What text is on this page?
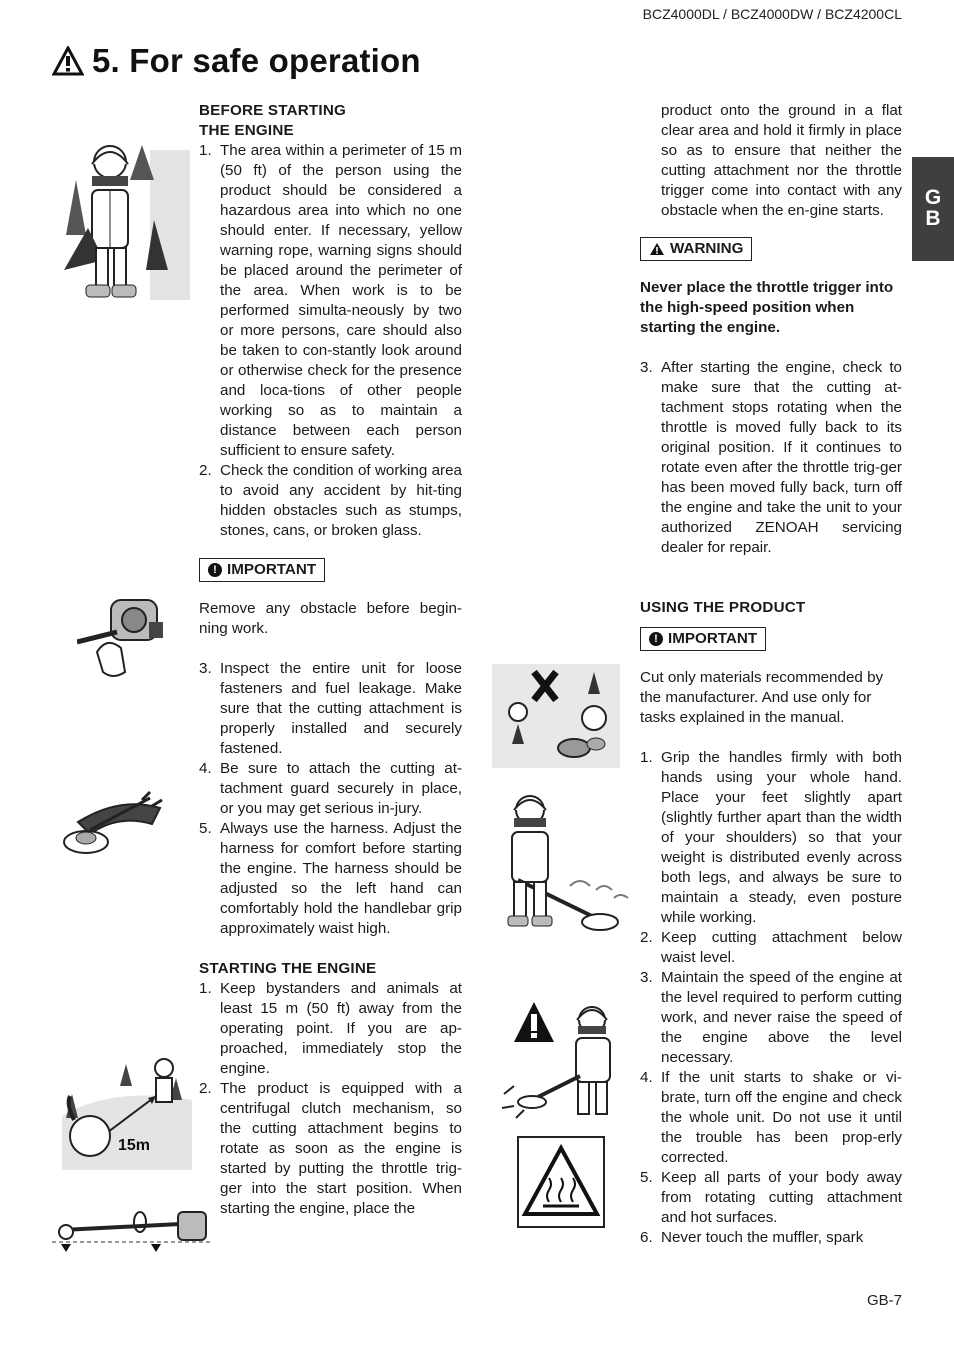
BCZ4000DL / BCZ4000DW / BCZ4200CL
5. For safe operation
G
B
BEFORE STARTING
THE ENGINE
1. The area within a perimeter of 15 m (50 ft) of the person using the product should be considered a hazardous area into which no one should enter. If necessary, yellow warning rope, warning signs should be placed around the perimeter of the area. When work is to be performed simulta-neously by two or more persons, care should also be taken to con-stantly look around or otherwise check for the presence and loca-tions of other people working so as to maintain a distance between each person sufficient to ensure safety.
2. Check the condition of working area to avoid any accident by hit-ting hidden obstacles such as stumps, stones, cans, or broken glass.
! IMPORTANT
Remove any obstacle before begin-ning work.
3. Inspect the entire unit for loose fasteners and fuel leakage. Make sure that the cutting attachment is properly installed and securely fastened.
4. Be sure to attach the cutting at-tachment guard securely in place, or you may get serious in-jury.
5. Always use the harness. Adjust the harness for comfort before starting the engine. The harness should be adjusted so the left hand can comfortably hold the handlebar grip approximately waist high.
STARTING THE ENGINE
1. Keep bystanders and animals at least 15 m (50 ft) away from the operating point. If you are ap-proached, immediately stop the engine.
2. The product is equipped with a centrifugal clutch mechanism, so the cutting attachment begins to rotate as soon as the engine is started by putting the throttle trig-ger into the start position. When starting the engine, place the
product onto the ground in a flat clear area and hold it firmly in place so as to ensure that neither the cutting attachment nor the throttle trigger come into contact with any obstacle when the en-gine starts.
WARNING
Never place the throttle trigger into the high-speed position when starting the engine.
3. After starting the engine, check to make sure that the cutting at-tachment stops rotating when the throttle is moved fully back to its original position. If it continues to rotate even after the throttle trig-ger has been moved fully back, turn off the engine and take the unit to your authorized ZENOAH servicing dealer for repair.
USING THE PRODUCT
! IMPORTANT
Cut only materials recommended by the manufacturer. And use only for tasks explained in the manual.
1. Grip the handles firmly with both hands using your whole hand. Place your feet slightly apart (slightly further apart than the width of your shoulders) so that your weight is distributed evenly across both legs, and always be sure to maintain a steady, even posture while working.
2. Keep cutting attachment below waist level.
3. Maintain the speed of the engine at the level required to perform cutting work, and never raise the speed of the engine above the level necessary.
4. If the unit starts to shake or vi-brate, turn off the engine and check the whole unit. Do not use it until the trouble has been prop-erly corrected.
5. Keep all parts of your body away from rotating cutting attachment and hot surfaces.
6. Never touch the muffler, spark
GB-7
15m
